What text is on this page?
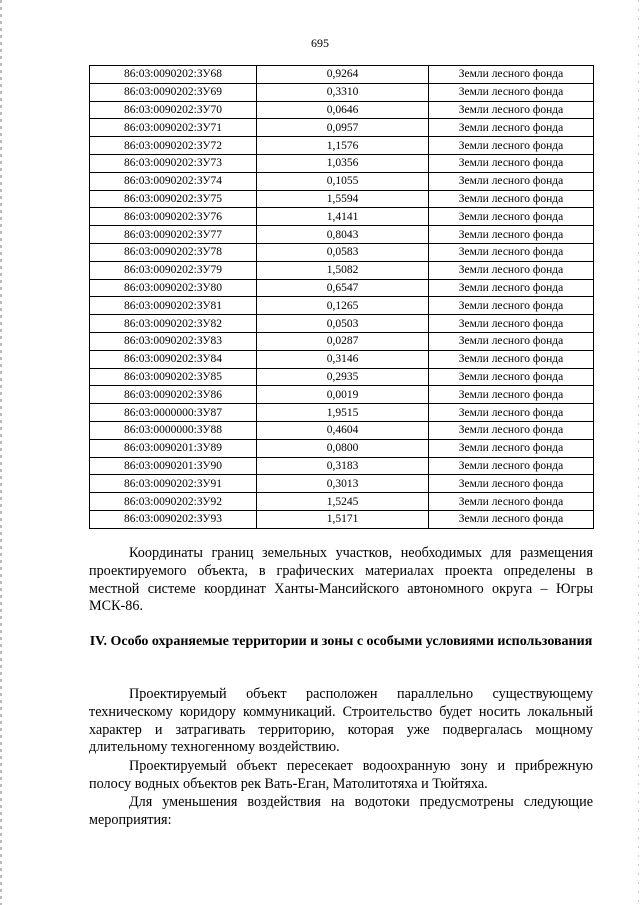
695
86:03:0090202:ЗУ68	0,9264	Земли лесного фонда
86:03:0090202:ЗУ69	0,3310	Земли лесного фонда
86:03:0090202:ЗУ70	0,0646	Земли лесного фонда
86:03:0090202:ЗУ71	0,0957	Земли лесного фонда
86:03:0090202:ЗУ72	1,1576	Земли лесного фонда
86:03:0090202:ЗУ73	1,0356	Земли лесного фонда
86:03:0090202:ЗУ74	0,1055	Земли лесного фонда
86:03:0090202:ЗУ75	1,5594	Земли лесного фонда
86:03:0090202:ЗУ76	1,4141	Земли лесного фонда
86:03:0090202:ЗУ77	0,8043	Земли лесного фонда
86:03:0090202:ЗУ78	0,0583	Земли лесного фонда
86:03:0090202:ЗУ79	1,5082	Земли лесного фонда
86:03:0090202:ЗУ80	0,6547	Земли лесного фонда
86:03:0090202:ЗУ81	0,1265	Земли лесного фонда
86:03:0090202:ЗУ82	0,0503	Земли лесного фонда
86:03:0090202:ЗУ83	0,0287	Земли лесного фонда
86:03:0090202:ЗУ84	0,3146	Земли лесного фонда
86:03:0090202:ЗУ85	0,2935	Земли лесного фонда
86:03:0090202:ЗУ86	0,0019	Земли лесного фонда
86:03:0000000:ЗУ87	1,9515	Земли лесного фонда
86:03:0000000:ЗУ88	0,4604	Земли лесного фонда
86:03:0090201:ЗУ89	0,0800	Земли лесного фонда
86:03:0090201:ЗУ90	0,3183	Земли лесного фонда
86:03:0090202:ЗУ91	0,3013	Земли лесного фонда
86:03:0090202:ЗУ92	1,5245	Земли лесного фонда
86:03:0090202:ЗУ93	1,5171	Земли лесного фонда
Координаты границ земельных участков, необходимых для размещения проектируемого объекта, в графических материалах проекта определены в местной системе координат Ханты-Мансийского автономного округа – Югры МСК-86.
IV. Особо охраняемые территории и зоны с особыми условиями использования
Проектируемый объект расположен параллельно существующему техническому коридору коммуникаций. Строительство будет носить локальный характер и затрагивать территорию, которая уже подвергалась мощному длительному техногенному воздействию.
Проектируемый объект пересекает водоохранную зону и прибрежную полосу водных объектов рек Вать-Еган, Матолитотяха и Тюйтяха.
Для уменьшения воздействия на водотоки предусмотрены следующие мероприятия:
